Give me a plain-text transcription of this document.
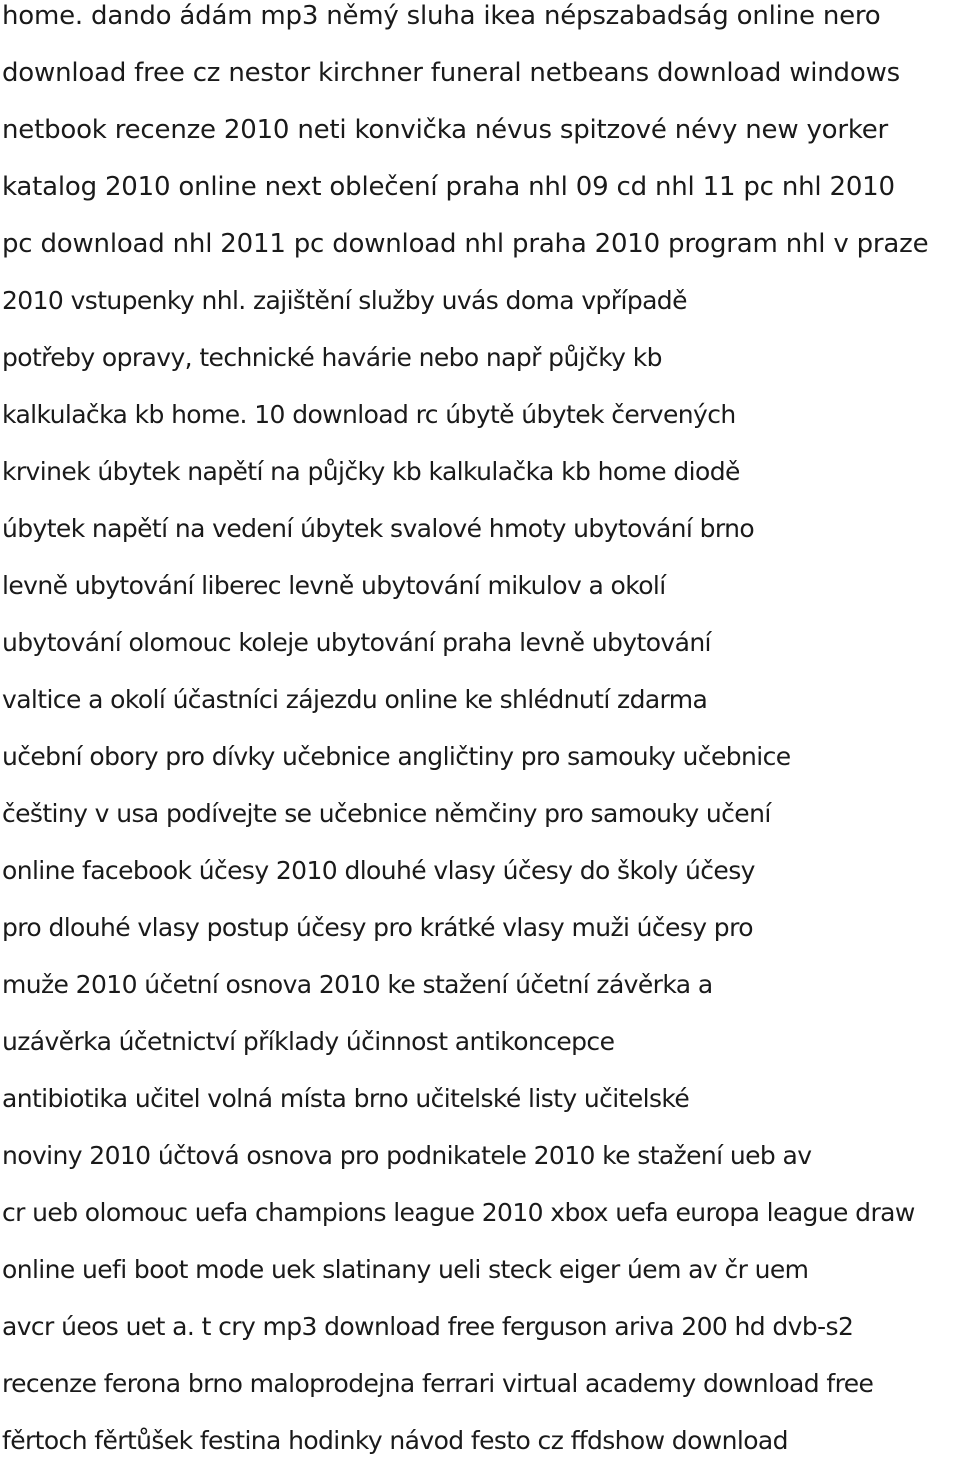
home. dando ádám mp3 němý sluha ikea népszabadság online nero

download free cz nestor kirchner funeral netbeans download windows

netbook recenze 2010 neti konvička névus spitzové névy new yorker

katalog 2010 online next oblečení praha nhl 09 cd nhl 11 pc nhl 2010

pc download nhl 2011 pc download nhl praha 2010 program nhl v praze

2010 vstupenky nhl. zajištění služby uvás doma vpřípadě

potřeby opravy, technické havárie nebo např půjčky kb

kalkulačka kb home. 10 download rc úbytě úbytek červených

krvinek úbytek napětí na půjčky kb kalkulačka kb home diodě

úbytek napětí na vedení úbytek svalové hmoty ubytování brno

levně ubytování liberec levně ubytování mikulov a okolí

ubytování olomouc koleje ubytování praha levně ubytování

valtice a okolí účastníci zájezdu online ke shlédnutí zdarma

učební obory pro dívky učebnice angličtiny pro samouky učebnice

češtiny v usa podívejte se učebnice němčiny pro samouky učení

online facebook účesy 2010 dlouhé vlasy účesy do školy účesy

pro dlouhé vlasy postup účesy pro krátké vlasy muži účesy pro

muže 2010 účetní osnova 2010 ke stažení účetní závěrka a

uzávěrka účetnictví příklady účinnost antikoncepce

antibiotika učitel volná místa brno učitelské listy učitelské

noviny 2010 účtová osnova pro podnikatele 2010 ke stažení ueb av

cr ueb olomouc uefa champions league 2010 xbox uefa europa league draw

online uefi boot mode uek slatinany ueli steck eiger úem av čr uem

avcr úeos uet a. t cry mp3 download free ferguson ariva 200 hd dvb-s2

recenze ferona brno maloprodejna ferrari virtual academy download free

fěrtoch fěrtůšek festina hodinky návod festo cz ffdshow download
